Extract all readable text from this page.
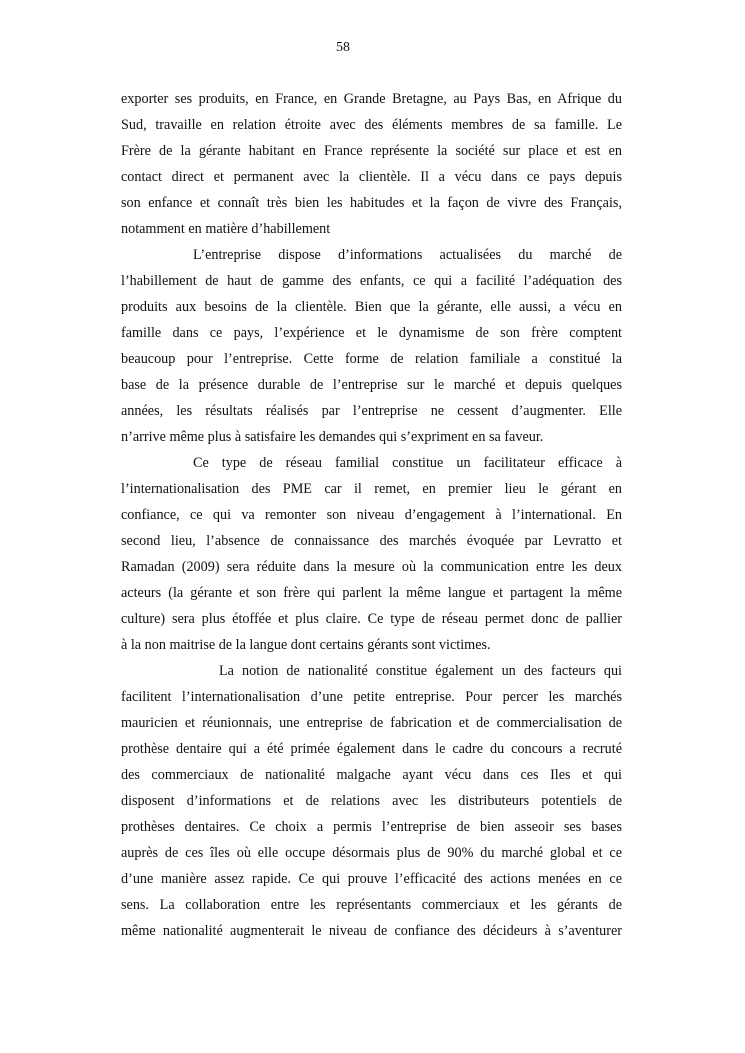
58
exporter ses produits, en France, en Grande Bretagne, au Pays Bas, en Afrique du
Sud, travaille en relation étroite avec des éléments membres de sa famille. Le
Frère de la gérante habitant en France représente la société sur place et est en
contact direct et permanent avec la clientèle. Il a vécu dans ce pays depuis
son enfance et connaît très bien les habitudes et la façon de vivre des Français,
notamment en matière d’habillement
L’entreprise dispose d’informations actualisées du marché de
l’habillement de haut de gamme des enfants, ce qui a facilité l’adéquation des
produits aux besoins de la clientèle. Bien que la gérante, elle aussi, a vécu en
famille dans ce pays, l’expérience et le dynamisme de son frère comptent
beaucoup pour l’entreprise. Cette forme de relation familiale a constitué la
base de la présence durable de l’entreprise sur le marché et depuis quelques
années, les résultats réalisés par l’entreprise ne cessent d’augmenter. Elle
n’arrive même plus à satisfaire les demandes qui s’expriment en sa faveur.
Ce type de réseau familial constitue un facilitateur efficace à
l’internationalisation des PME car il remet, en premier lieu le gérant en
confiance, ce qui va remonter son niveau d’engagement à l’international. En
second lieu, l’absence de connaissance des marchés évoquée par Levratto et
Ramadan (2009) sera réduite dans la mesure où la communication entre les deux
acteurs (la gérante et son frère qui parlent la même langue et partagent la même
culture) sera plus étoffée et plus claire. Ce type de réseau permet donc de pallier
à la non maitrise de la langue dont certains gérants sont victimes.
La notion de nationalité constitue également un des facteurs qui
facilitent l’internationalisation d’une petite entreprise. Pour percer les marchés
mauricien et réunionnais, une entreprise de fabrication et de commercialisation de
prothèse dentaire qui a été primée également dans le cadre du concours a recruté
des commerciaux de nationalité malgache ayant vécu dans ces Iles et qui
disposent d’informations et de relations avec les distributeurs potentiels de
prothèses dentaires. Ce choix a permis l’entreprise de bien asseoir ses bases
auprès de ces îles où elle occupe désormais plus de 90% du marché global et ce
d’une manière assez rapide. Ce qui prouve l’efficacité des actions menées en ce
sens. La collaboration entre les représentants commerciaux et les gérants de
même nationalité augmenterait le niveau de confiance des décideurs à s’aventurer
